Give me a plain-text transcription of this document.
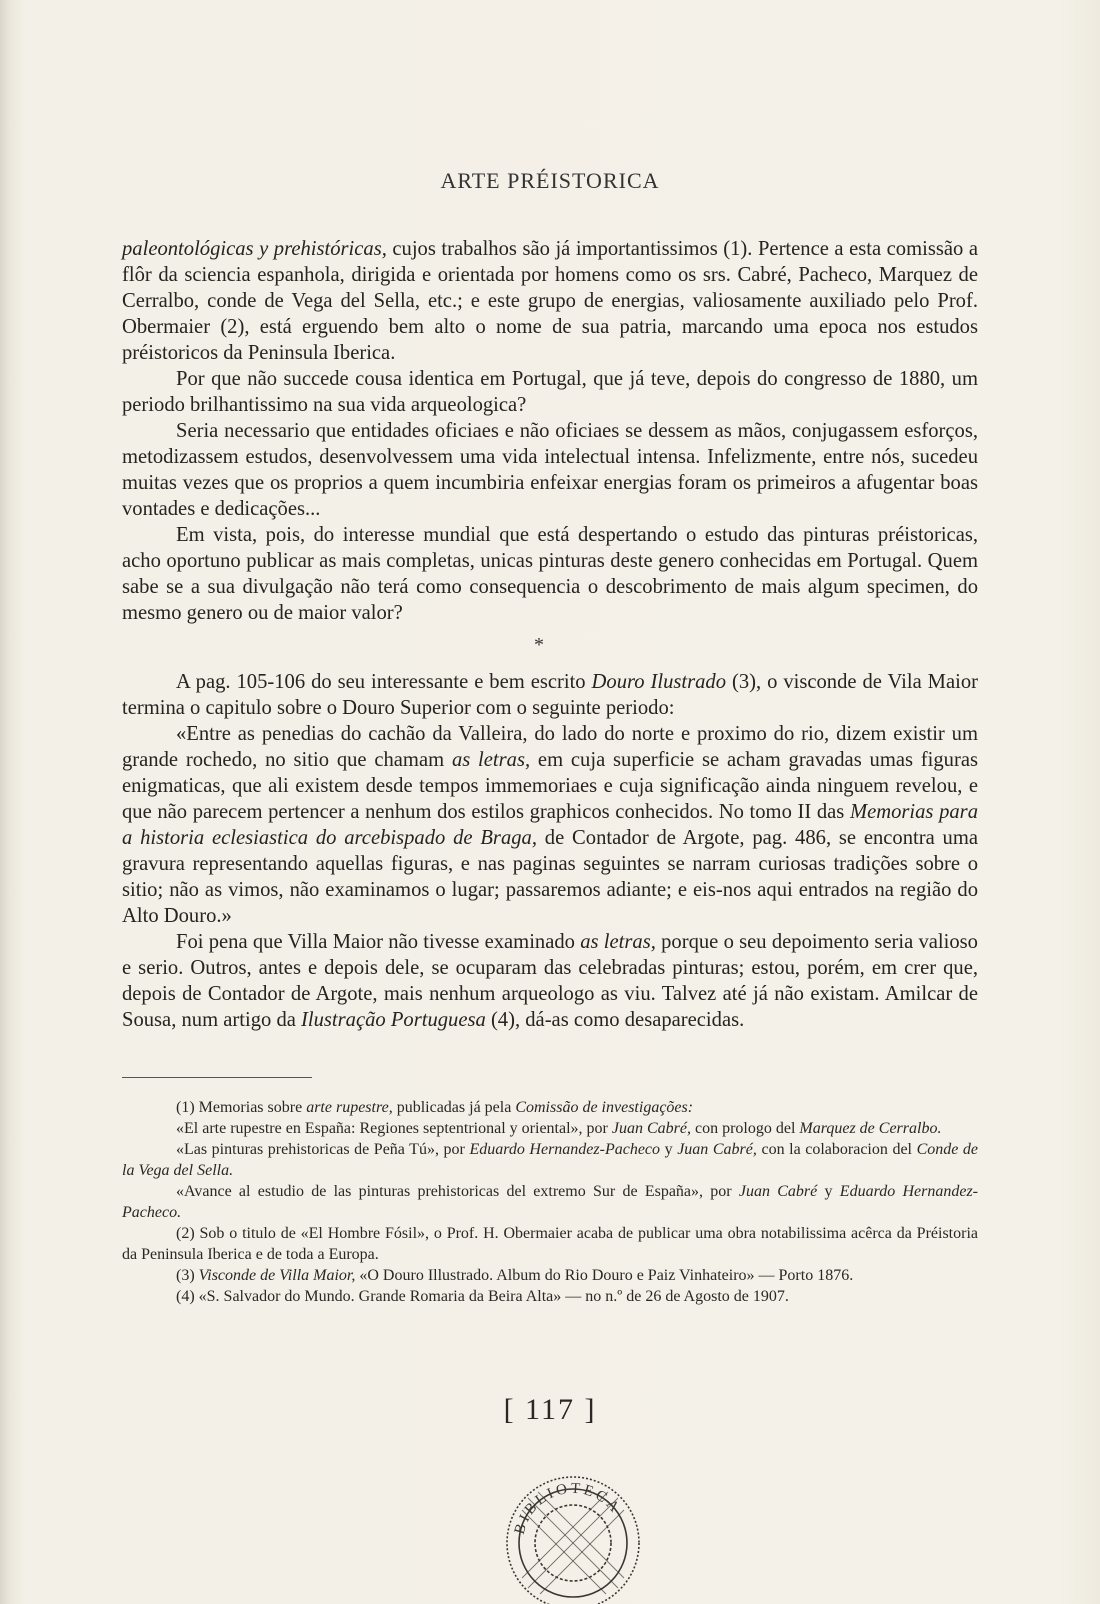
ARTE PRÉISTORICA

paleontológicas y prehistóricas, cujos trabalhos são já importantissimos (1). Pertence a esta comissão a flôr da sciencia espanhola, dirigida e orientada por homens como os srs. Cabré, Pacheco, Marquez de Cerralbo, conde de Vega del Sella, etc.; e este grupo de energias, valiosamente auxiliado pelo Prof. Obermaier (2), está erguendo bem alto o nome de sua patria, marcando uma epoca nos estudos préistoricos da Peninsula Iberica.

Por que não succede cousa identica em Portugal, que já teve, depois do congresso de 1880, um periodo brilhantissimo na sua vida arqueologica?

Seria necessario que entidades oficiaes e não oficiaes se dessem as mãos, conjugassem esforços, metodizassem estudos, desenvolvessem uma vida intelectual intensa. Infelizmente, entre nós, sucedeu muitas vezes que os proprios a quem incumbiria enfeixar energias foram os primeiros a afugentar boas vontades e dedicações...

Em vista, pois, do interesse mundial que está despertando o estudo das pinturas préistoricas, acho oportuno publicar as mais completas, unicas pinturas deste genero conhecidas em Portugal. Quem sabe se a sua divulgação não terá como consequencia o descobrimento de mais algum specimen, do mesmo genero ou de maior valor?

*

A pag. 105-106 do seu interessante e bem escrito Douro Ilustrado (3), o visconde de Vila Maior termina o capitulo sobre o Douro Superior com o seguinte periodo:

«Entre as penedias do cachão da Valleira, do lado do norte e proximo do rio, dizem existir um grande rochedo, no sitio que chamam as letras, em cuja superficie se acham gravadas umas figuras enigmaticas, que ali existem desde tempos immemoriaes e cuja significação ainda ninguem revelou, e que não parecem pertencer a nenhum dos estilos graphicos conhecidos. No tomo II das Memorias para a historia eclesiastica do arcebispado de Braga, de Contador de Argote, pag. 486, se encontra uma gravura representando aquellas figuras, e nas paginas seguintes se narram curiosas tradições sobre o sitio; não as vimos, não examinamos o lugar; passaremos adiante; e eis-nos aqui entrados na região do Alto Douro.»

Foi pena que Villa Maior não tivesse examinado as letras, porque o seu depoimento seria valioso e serio. Outros, antes e depois dele, se ocuparam das celebradas pinturas; estou, porém, em crer que, depois de Contador de Argote, mais nenhum arqueologo as viu. Talvez até já não existam. Amilcar de Sousa, num artigo da Ilustração Portuguesa (4), dá-as como desaparecidas.

(1) Memorias sobre arte rupestre, publicadas já pela Comissão de investigações:

«El arte rupestre en España: Regiones septentrional y oriental», por Juan Cabré, con prologo del Marquez de Cerralbo.

«Las pinturas prehistoricas de Peña Tú», por Eduardo Hernandez-Pacheco y Juan Cabré, con la colaboracion del Conde de la Vega del Sella.

«Avance al estudio de las pinturas prehistoricas del extremo Sur de España», por Juan Cabré y Eduardo Hernandez-Pacheco.

(2) Sob o titulo de «El Hombre Fósil», o Prof. H. Obermaier acaba de publicar uma obra notabilissima acêrca da Préistoria da Peninsula Iberica e de toda a Europa.

(3) Visconde de Villa Maior, «O Douro Illustrado. Album do Rio Douro e Paiz Vinhateiro» — Porto 1876.

(4) «S. Salvador do Mundo. Grande Romaria da Beira Alta» — no n.º de 26 de Agosto de 1907.

[ 117 ]
BIBLIOTECA
